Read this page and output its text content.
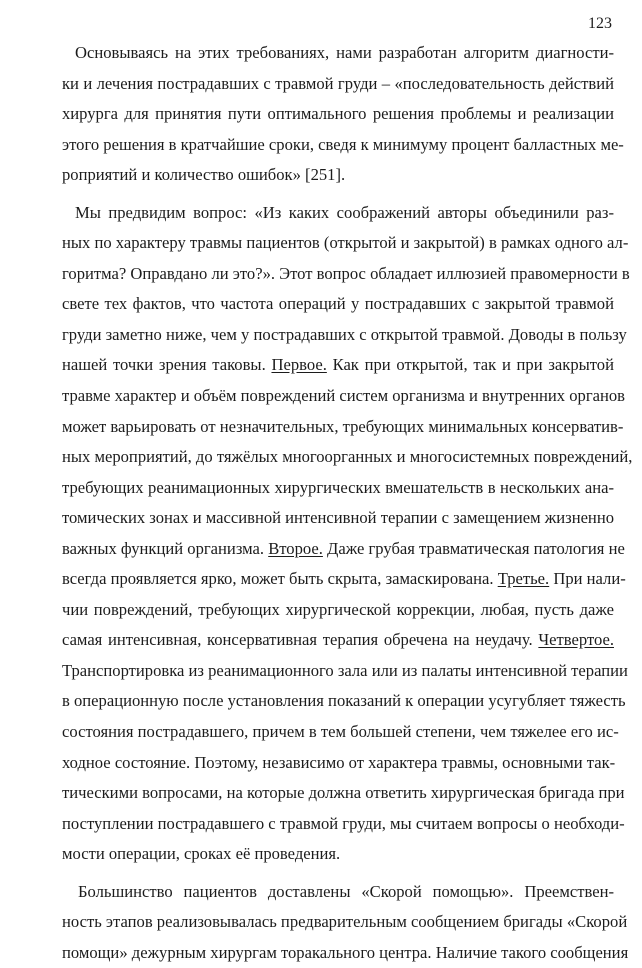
123
Основываясь на этих требованиях, нами разработан алгоритм диагности-
ки и лечения пострадавших с травмой груди – «последовательность действий
хирурга для принятия пути оптимального решения проблемы и реализации
этого решения в кратчайшие сроки, сведя к минимуму процент балластных ме-
роприятий и количество ошибок» [251].
Мы предвидим вопрос: «Из каких соображений авторы объединили раз-
ных по характеру травмы пациентов (открытой и закрытой) в рамках одного ал-
горитма? Оправдано ли это?». Этот вопрос обладает иллюзией правомерности в
свете тех фактов, что частота операций у пострадавших с закрытой травмой
груди заметно ниже, чем у пострадавших с открытой травмой. Доводы в пользу
нашей точки зрения таковы. Первое. Как при открытой, так и при закрытой
травме характер и объём повреждений систем организма и внутренних органов
может варьировать от незначительных, требующих минимальных консерватив-
ных мероприятий, до тяжёлых многоорганных и многосистемных повреждений,
требующих реанимационных хирургических вмешательств в нескольких ана-
томических зонах и массивной интенсивной терапии с замещением жизненно
важных функций организма. Второе. Даже грубая травматическая патология не
всегда проявляется ярко, может быть скрыта, замаскирована. Третье. При нали-
чии повреждений, требующих хирургической коррекции, любая, пусть даже
самая интенсивная, консервативная терапия обречена на неудачу. Четвертое.
Транспортировка из реанимационного зала или из палаты интенсивной терапии
в операционную после установления показаний к операции усугубляет тяжесть
состояния пострадавшего, причем в тем большей степени, чем тяжелее его ис-
ходное состояние. Поэтому, независимо от характера травмы, основными так-
тическими вопросами, на которые должна ответить хирургическая бригада при
поступлении пострадавшего с травмой груди, мы считаем вопросы о необходи-
мости операции, сроках её проведения.
Большинство пациентов доставлены «Скорой помощью». Преемствен-
ность этапов реализовывалась предварительным сообщением бригады «Скорой
помощи» дежурным хирургам торакального центра. Наличие такого сообщения
